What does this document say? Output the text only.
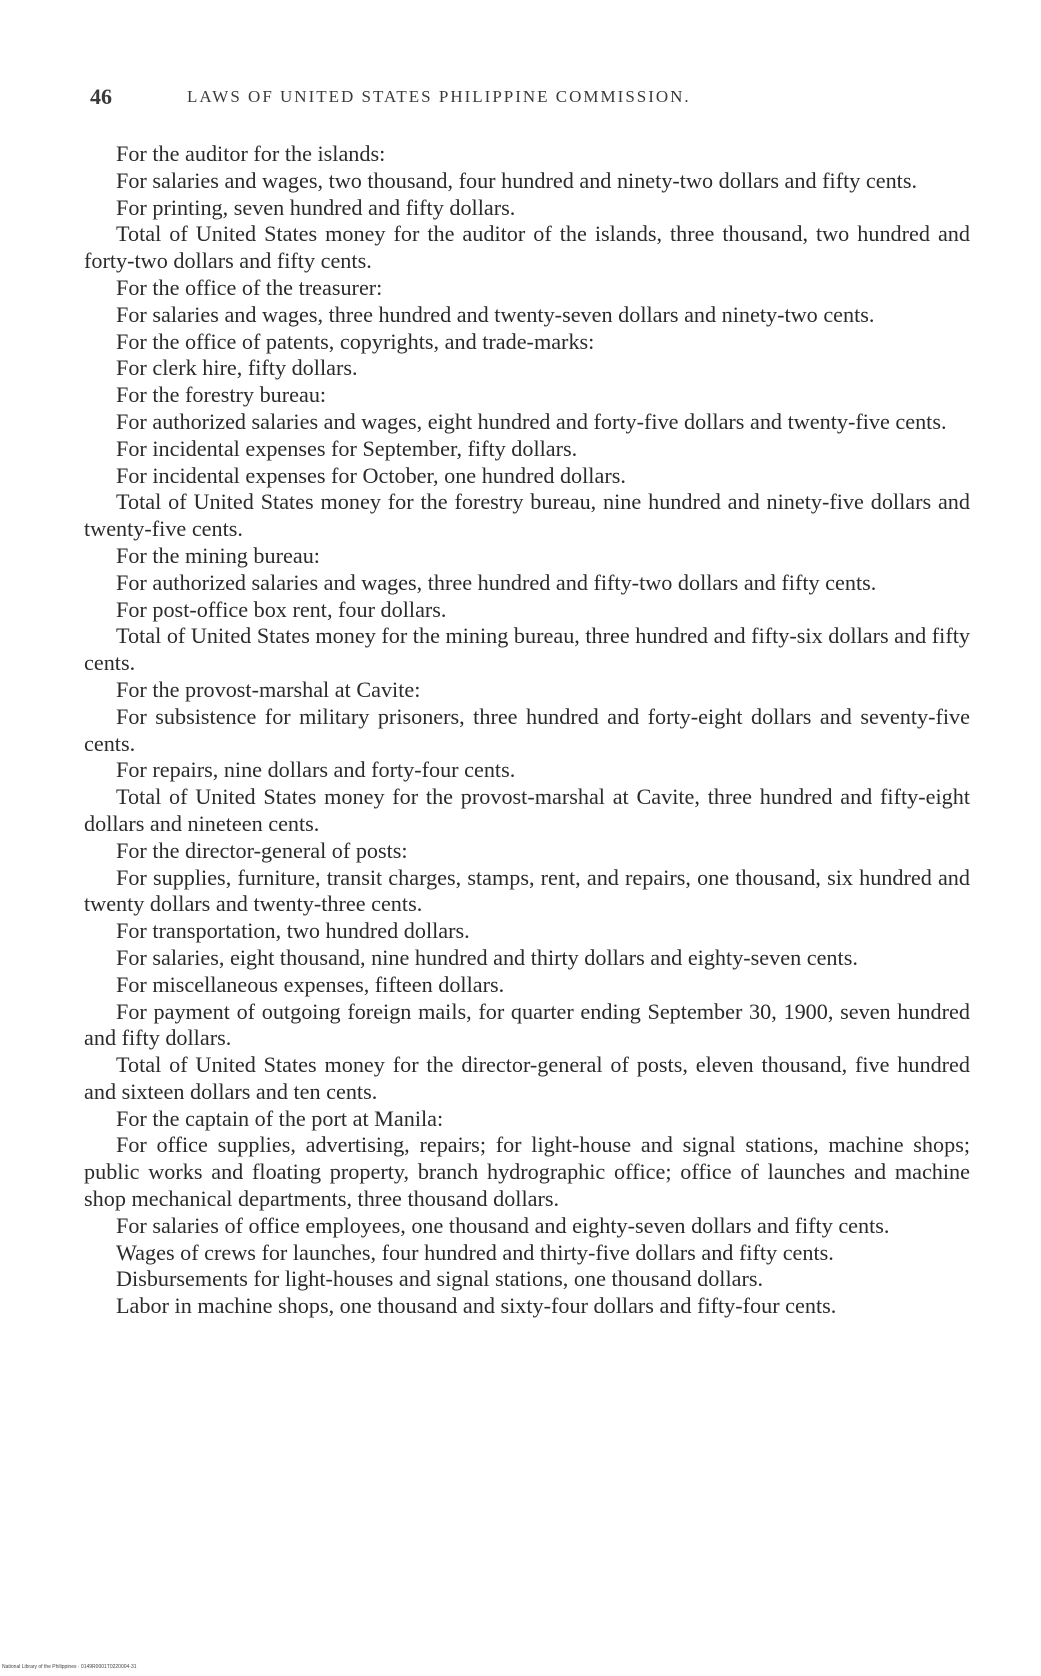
46	LAWS OF UNITED STATES PHILIPPINE COMMISSION.

For the auditor for the islands:

For salaries and wages, two thousand, four hundred and ninety-two dollars and fifty cents.

For printing, seven hundred and fifty dollars.

Total of United States money for the auditor of the islands, three thousand, two hundred and forty-two dollars and fifty cents.

For the office of the treasurer:

For salaries and wages, three hundred and twenty-seven dollars and ninety-two cents.

For the office of patents, copyrights, and trade-marks:

For clerk hire, fifty dollars.

For the forestry bureau:

For authorized salaries and wages, eight hundred and forty-five dollars and twenty-five cents.

For incidental expenses for September, fifty dollars.

For incidental expenses for October, one hundred dollars.

Total of United States money for the forestry bureau, nine hundred and ninety-five dollars and twenty-five cents.

For the mining bureau:

For authorized salaries and wages, three hundred and fifty-two dollars and fifty cents.

For post-office box rent, four dollars.

Total of United States money for the mining bureau, three hundred and fifty-six dollars and fifty cents.

For the provost-marshal at Cavite:

For subsistence for military prisoners, three hundred and forty-eight dollars and seventy-five cents.

For repairs, nine dollars and forty-four cents.

Total of United States money for the provost-marshal at Cavite, three hundred and fifty-eight dollars and nineteen cents.

For the director-general of posts:

For supplies, furniture, transit charges, stamps, rent, and repairs, one thousand, six hundred and twenty dollars and twenty-three cents.

For transportation, two hundred dollars.

For salaries, eight thousand, nine hundred and thirty dollars and eighty-seven cents.

For miscellaneous expenses, fifteen dollars.

For payment of outgoing foreign mails, for quarter ending September 30, 1900, seven hundred and fifty dollars.

Total of United States money for the director-general of posts, eleven thousand, five hundred and sixteen dollars and ten cents.

For the captain of the port at Manila:

For office supplies, advertising, repairs; for light-house and signal stations, machine shops; public works and floating property, branch hydrographic office; office of launches and machine shop mechanical departments, three thousand dollars.

For salaries of office employees, one thousand and eighty-seven dollars and fifty cents.

Wages of crews for launches, four hundred and thirty-five dollars and fifty cents.

Disbursements for light-houses and signal stations, one thousand dollars.

Labor in machine shops, one thousand and sixty-four dollars and fifty-four cents.

National Library of the Philippines · 0149R0001T0220004·31
